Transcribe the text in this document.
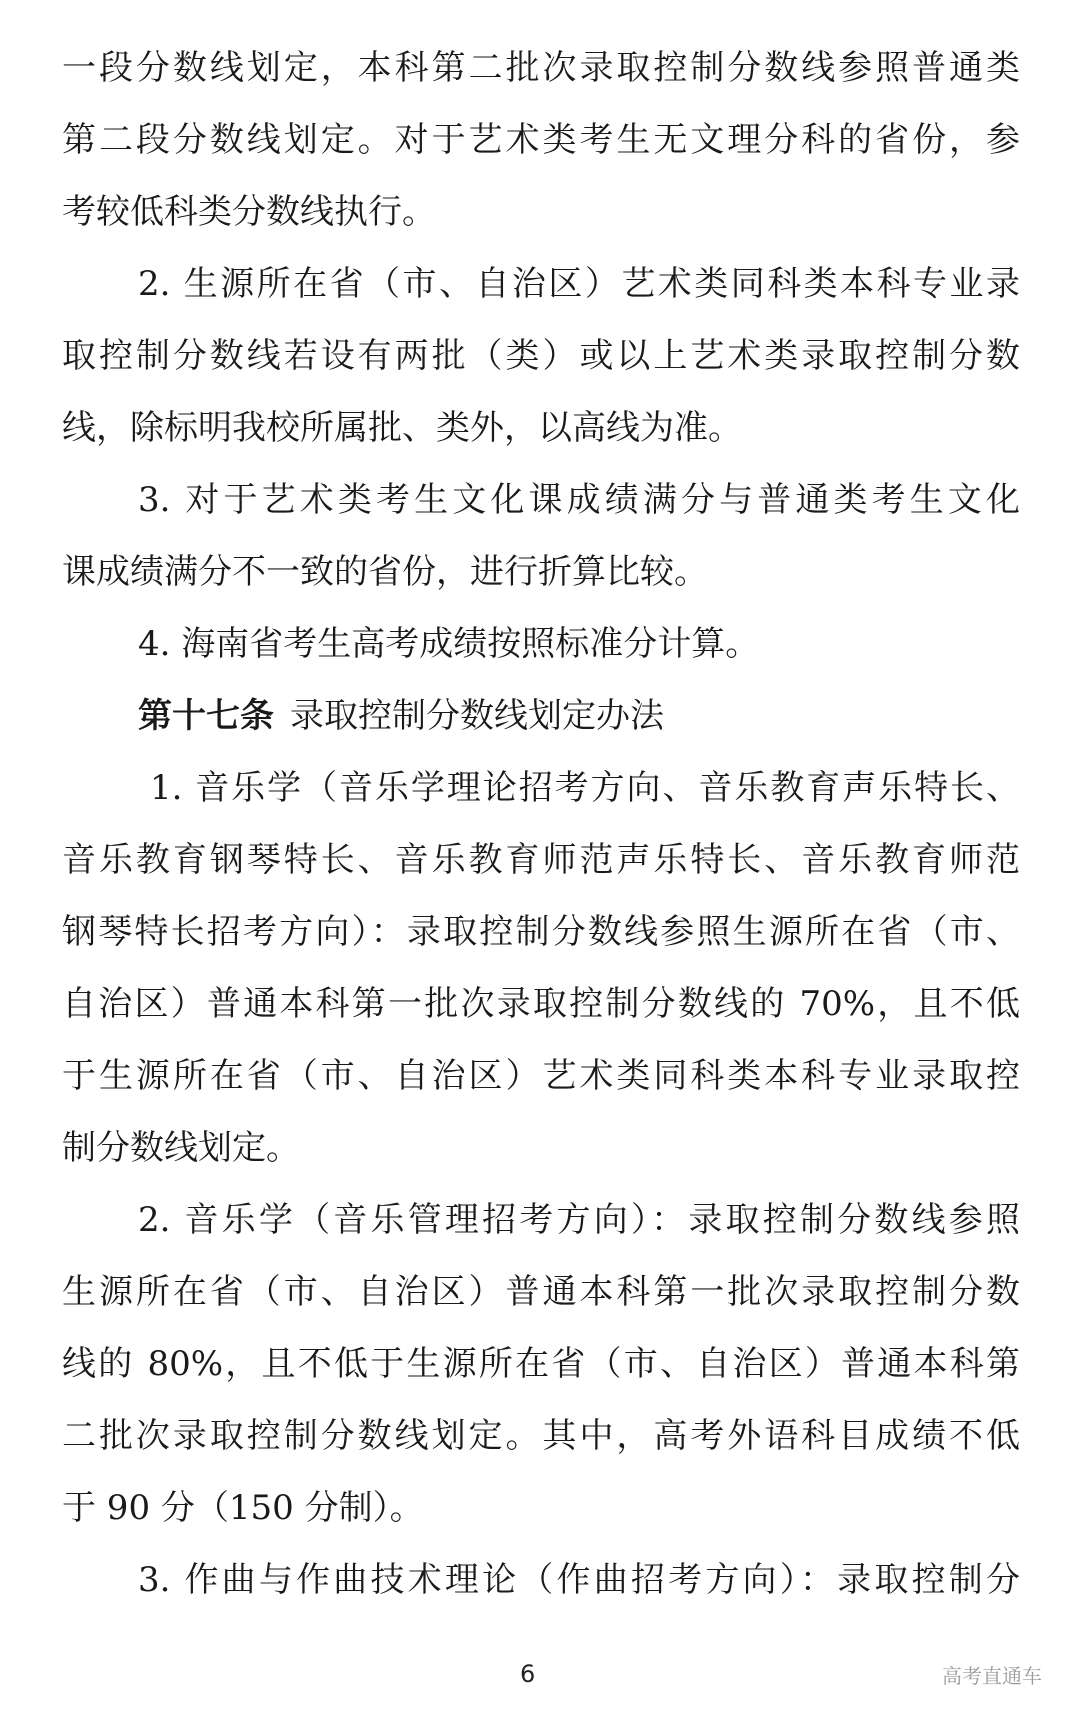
一段分数线划定，本科第二批次录取控制分数线参照普通类
第二段分数线划定。对于艺术类考生无文理分科的省份，参
考较低科类分数线执行。
2. 生源所在省（市、自治区）艺术类同科类本科专业录
取控制分数线若设有两批（类）或以上艺术类录取控制分数
线，除标明我校所属批、类外，以高线为准。
3. 对于艺术类考生文化课成绩满分与普通类考生文化
课成绩满分不一致的省份，进行折算比较。
4. 海南省考生高考成绩按照标准分计算。
第十七条 录取控制分数线划定办法
1. 音乐学（音乐学理论招考方向、音乐教育声乐特长、
音乐教育钢琴特长、音乐教育师范声乐特长、音乐教育师范
钢琴特长招考方向）：录取控制分数线参照生源所在省（市、
自治区）普通本科第一批次录取控制分数线的 70%，且不低
于生源所在省（市、自治区）艺术类同科类本科专业录取控
制分数线划定。
2. 音乐学（音乐管理招考方向）：录取控制分数线参照
生源所在省（市、自治区）普通本科第一批次录取控制分数
线的 80%，且不低于生源所在省（市、自治区）普通本科第
二批次录取控制分数线划定。其中，高考外语科目成绩不低
于 90 分（150 分制）。
3. 作曲与作曲技术理论（作曲招考方向）：录取控制分
6	高考直通车
